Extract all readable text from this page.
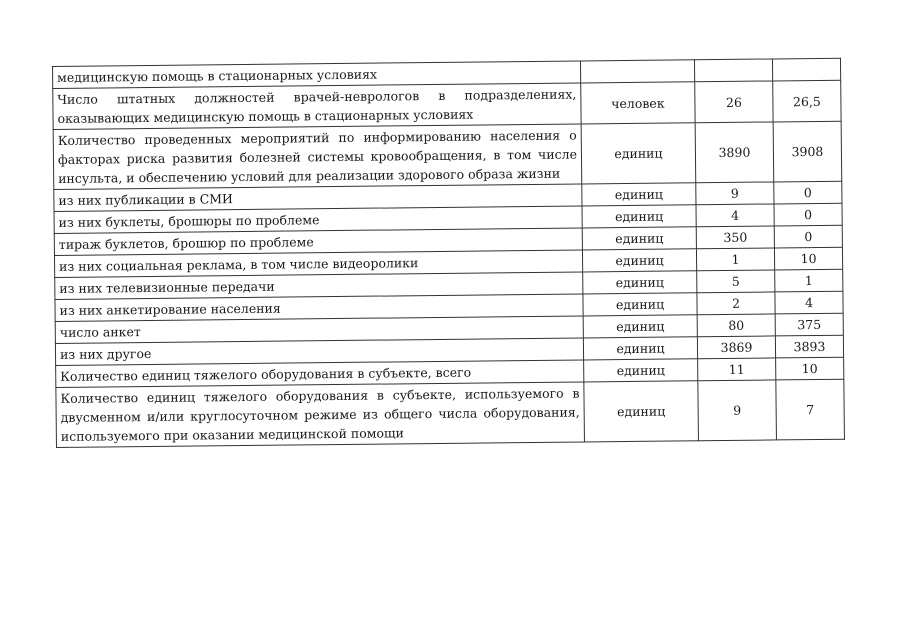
медицинскую помощь в стационарных условиях			
Число штатных должностей врачей-неврологов в подразделениях, оказывающих медицинскую помощь в стационарных условиях	человек	26	26,5
Количество проведенных мероприятий по информированию населения о факторах риска развития болезней системы кровообращения, в том числе инсульта, и обеспечению условий для реализации здорового образа жизни	единиц	3890	3908
из них публикации в СМИ	единиц	9	0
из них буклеты, брошюры по проблеме	единиц	4	0
тираж буклетов, брошюр по проблеме	единиц	350	0
из них социальная реклама, в том числе видеоролики	единиц	1	10
из них телевизионные передачи	единиц	5	1
из них анкетирование населения	единиц	2	4
число анкет	единиц	80	375
из них другое	единиц	3869	3893
Количество единиц тяжелого оборудования в субъекте, всего	единиц	11	10
Количество единиц тяжелого оборудования в субъекте, используемого в двусменном и/или круглосуточном режиме из общего числа оборудования, используемого при оказании медицинской помощи	единиц	9	7
